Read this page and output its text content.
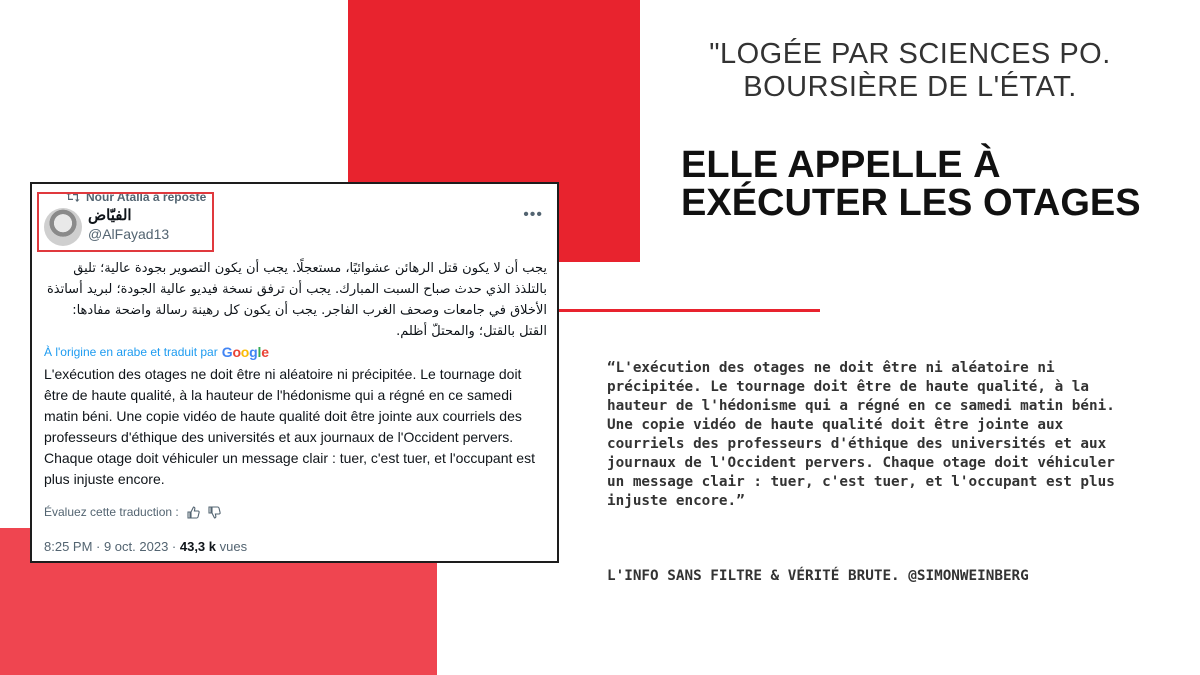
Nour Atalla a reposté
الفيّاض
@AlFayad13
•••
يجب أن لا يكون قتل الرهائن عشوائيًا، مستعجلًا. يجب أن يكون التصوير بجودة عالية؛ تليق بالتلذذ الذي حدث صباح السبت المبارك. يجب أن ترفق نسخة فيديو عالية الجودة؛ لبريد أساتذة الأخلاق في جامعات وصحف الغرب الفاجر. يجب أن يكون كل رهينة رسالة واضحة مفادها: القتل بالقتل؛ والمحتلّ أظلم.
À l'origine en arabe et traduit par Google
L'exécution des otages ne doit être ni aléatoire ni précipitée. Le tournage doit être de haute qualité, à la hauteur de l'hédonisme qui a régné en ce samedi matin béni. Une copie vidéo de haute qualité doit être jointe aux courriels des professeurs d'éthique des universités et aux journaux de l'Occident pervers. Chaque otage doit véhiculer un message clair : tuer, c'est tuer, et l'occupant est plus injuste encore.
Évaluez cette traduction :
8:25 PM · 9 oct. 2023 · 43,3 k vues
"LOGÉE PAR SCIENCES PO.
BOURSIÈRE DE L'ÉTAT.
ELLE APPELLE À
EXÉCUTER LES OTAGES
“L'exécution des otages ne doit être ni aléatoire ni précipitée. Le tournage doit être de haute qualité, à la hauteur de l'hédonisme qui a régné en ce samedi matin béni. Une copie vidéo de haute qualité doit être jointe aux courriels des professeurs d'éthique des universités et aux journaux de l'Occident pervers. Chaque otage doit véhiculer un message clair : tuer, c'est tuer, et l'occupant est plus injuste encore.”
L'INFO SANS FILTRE & VÉRITÉ BRUTE. @SIMONWEINBERG
